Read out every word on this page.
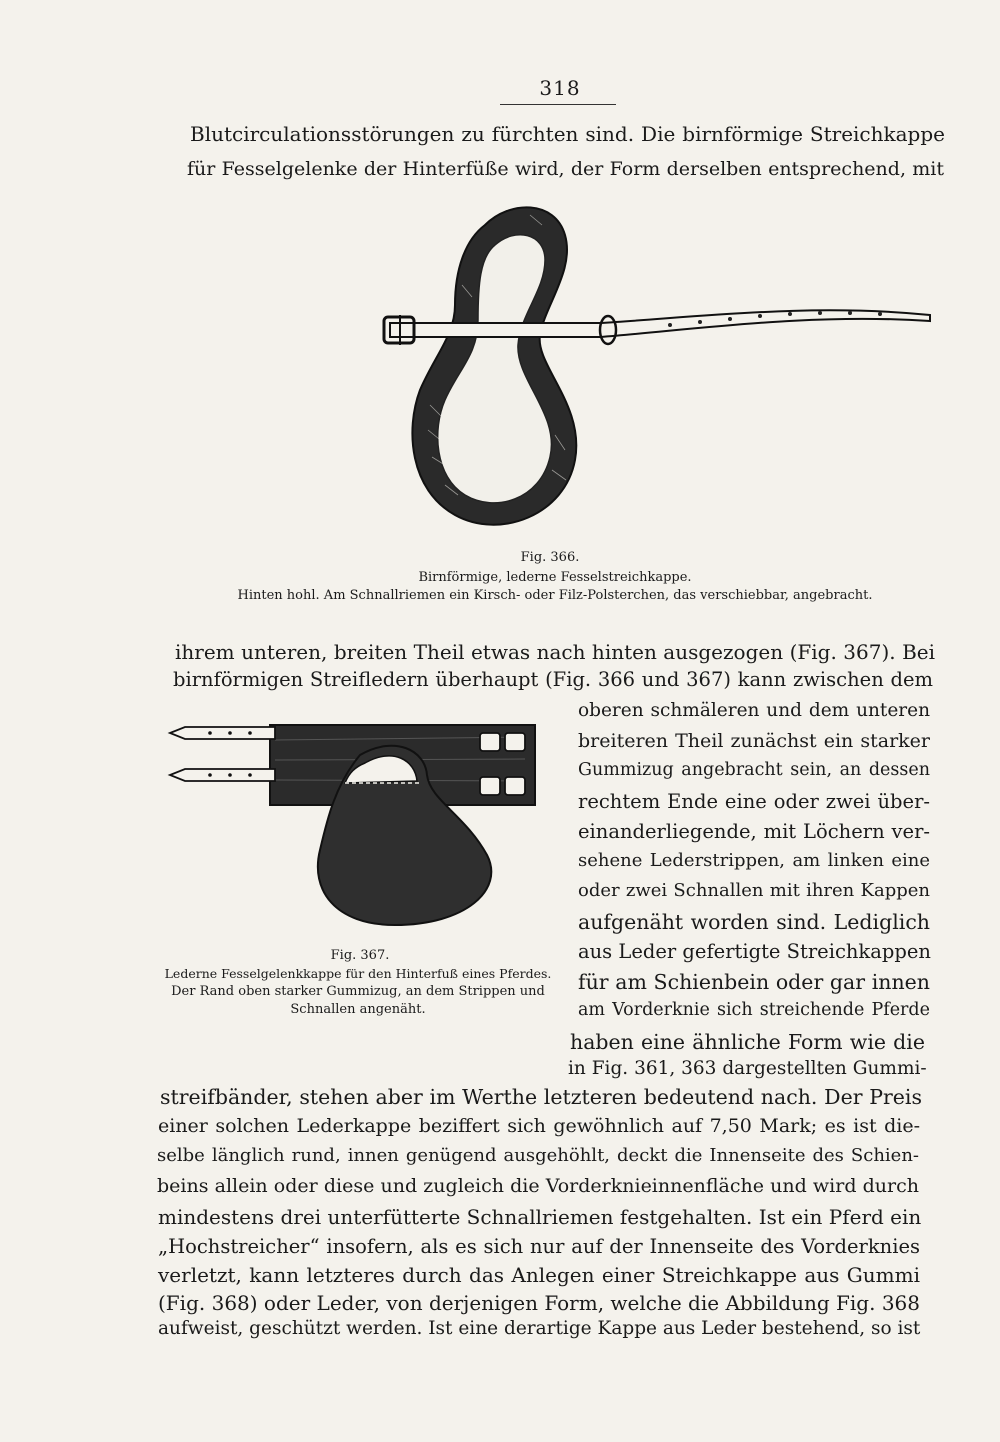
318
Blutcirculationsstörungen zu fürchten sind. Die birnförmige Streichkappe
für Fesselgelenke der Hinterfüße wird, der Form derselben entsprechend, mit
Fig. 366.
Birnförmige, lederne Fesselstreichkappe.
Hinten hohl. Am Schnallriemen ein Kirsch- oder Filz-Polsterchen, das verschiebbar, angebracht.
ihrem unteren, breiten Theil etwas nach hinten ausgezogen (Fig. 367). Bei
birnförmigen Streifledern überhaupt (Fig. 366 und 367) kann zwischen dem
oberen schmäleren und dem unteren
breiteren Theil zunächst ein starker
Gummizug angebracht sein, an dessen
rechtem Ende eine oder zwei über-
einanderliegende, mit Löchern ver-
sehene Lederstrippen, am linken eine
oder zwei Schnallen mit ihren Kappen
aufgenäht worden sind. Lediglich
aus Leder gefertigte Streichkappen
für am Schienbein oder gar innen
am Vorderknie sich streichende Pferde
haben eine ähnliche Form wie die
in Fig. 361, 363 dargestellten Gummi-
Fig. 367.
Lederne Fesselgelenkkappe für den Hinterfuß eines Pferdes.
Der Rand oben starker Gummizug, an dem Strippen und
Schnallen angenäht.
streifbänder, stehen aber im Werthe letzteren bedeutend nach. Der Preis
einer solchen Lederkappe beziffert sich gewöhnlich auf 7,50 Mark; es ist die-
selbe länglich rund, innen genügend ausgehöhlt, deckt die Innenseite des Schien-
beins allein oder diese und zugleich die Vorderknieinnenfläche und wird durch
mindestens drei unterfütterte Schnallriemen festgehalten. Ist ein Pferd ein
„Hochstreicher“ insofern, als es sich nur auf der Innenseite des Vorderknies
verletzt, kann letzteres durch das Anlegen einer Streichkappe aus Gummi
(Fig. 368) oder Leder, von derjenigen Form, welche die Abbildung Fig. 368
aufweist, geschützt werden. Ist eine derartige Kappe aus Leder bestehend, so ist
